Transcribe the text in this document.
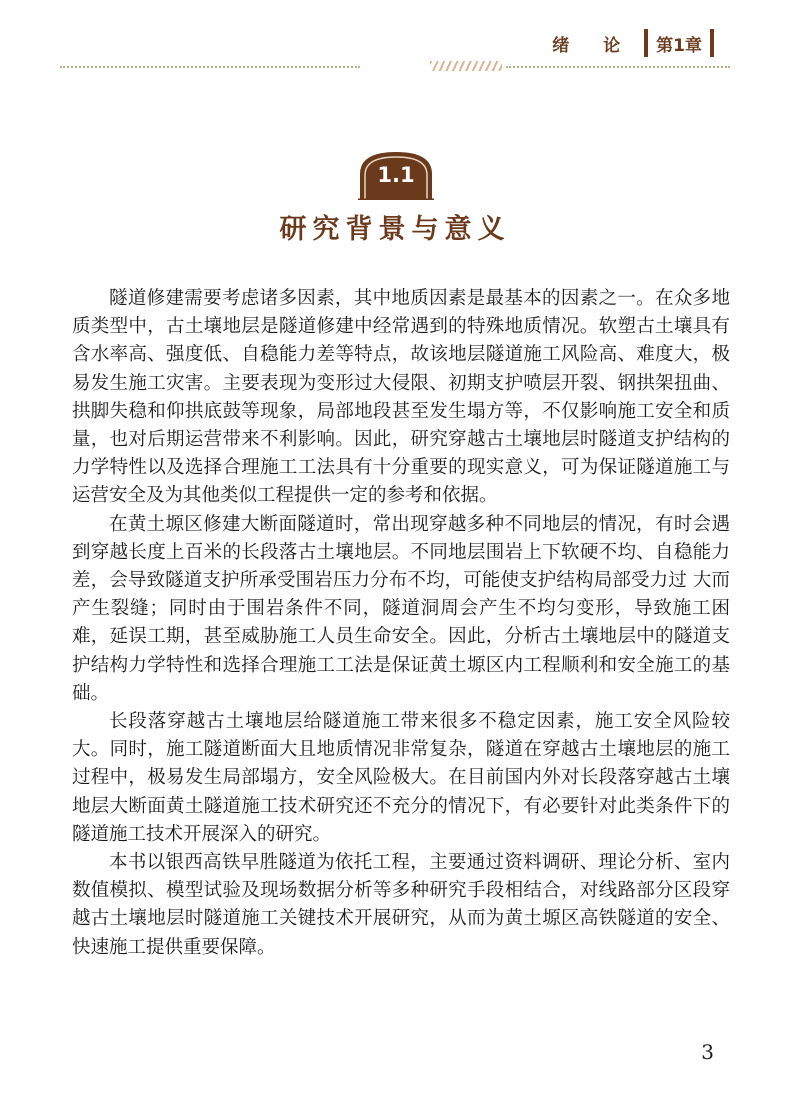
绪 论 第1章
1.1
研究背景与意义

隧道修建需要考虑诸多因素，其中地质因素是最基本的因素之一。在众多地质类型中，古土壤地层是隧道修建中经常遇到的特殊地质情况。软塑古土壤具有含水率高、强度低、自稳能力差等特点，故该地层隧道施工风险高、难度大，极易发生施工灾害。主要表现为变形过大侵限、初期支护喷层开裂、钢拱架扭曲、拱脚失稳和仰拱底鼓等现象，局部地段甚至发生塌方等，不仅影响施工安全和质量，也对后期运营带来不利影响。因此，研究穿越古土壤地层时隧道支护结构的力学特性以及选择合理施工工法具有十分重要的现实意义，可为保证隧道施工与运营安全及为其他类似工程提供一定的参考和依据。

在黄土塬区修建大断面隧道时，常出现穿越多种不同地层的情况，有时会遇到穿越长度上百米的长段落古土壤地层。不同地层围岩上下软硬不均、自稳能力差，会导致隧道支护所承受围岩压力分布不均，可能使支护结构局部受力过 大而产生裂缝；同时由于围岩条件不同，隧道洞周会产生不均匀变形，导致施工困难，延误工期，甚至威胁施工人员生命安全。因此，分析古土壤地层中的隧道支护结构力学特性和选择合理施工工法是保证黄土塬区内工程顺利和安全施工的基础。

长段落穿越古土壤地层给隧道施工带来很多不稳定因素，施工安全风险较大。同时，施工隧道断面大且地质情况非常复杂，隧道在穿越古土壤地层的施工过程中，极易发生局部塌方，安全风险极大。在目前国内外对长段落穿越古土壤地层大断面黄土隧道施工技术研究还不充分的情况下，有必要针对此类条件下的隧道施工技术开展深入的研究。

本书以银西高铁早胜隧道为依托工程，主要通过资料调研、理论分析、室内数值模拟、模型试验及现场数据分析等多种研究手段相结合，对线路部分区段穿越古土壤地层时隧道施工关键技术开展研究，从而为黄土塬区高铁隧道的安全、快速施工提供重要保障。

3
